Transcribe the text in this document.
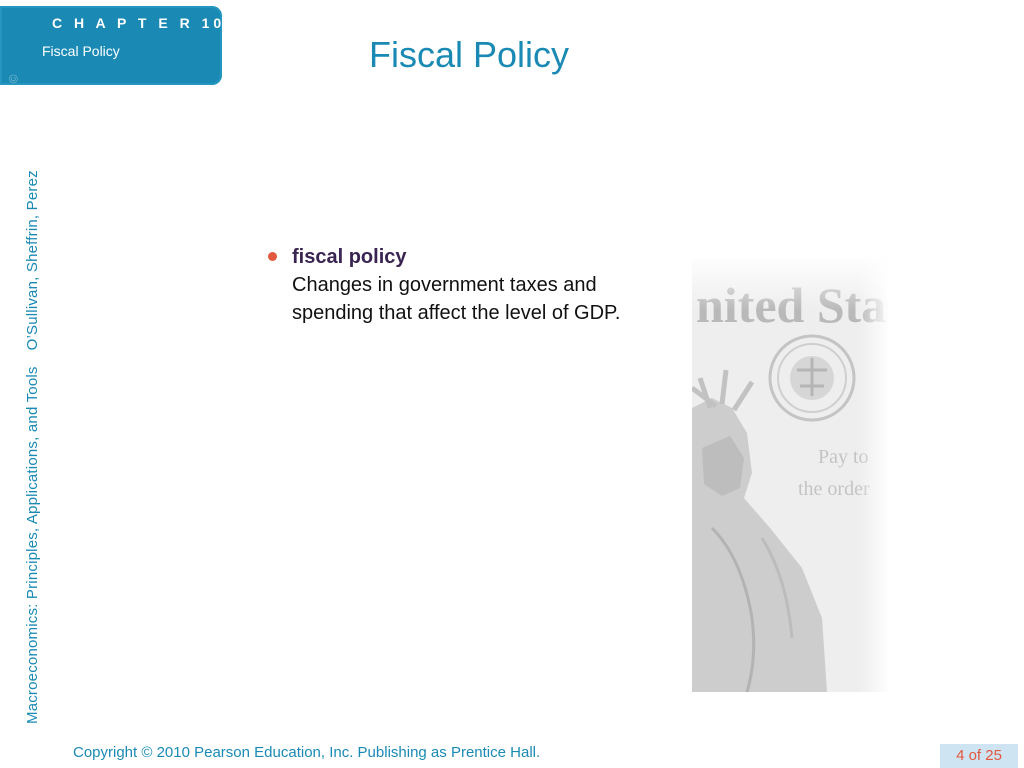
C H A P T E R 10
Fiscal Policy
©
Macroeconomics: Principles, Applications, and ToolsO’Sullivan, Sheffrin, Perez
Fiscal Policy
fiscal policy
Changes in government taxes and spending that affect the level of GDP.
Copyright © 2010 Pearson Education, Inc. Publishing as Prentice Hall.	4 of 25
